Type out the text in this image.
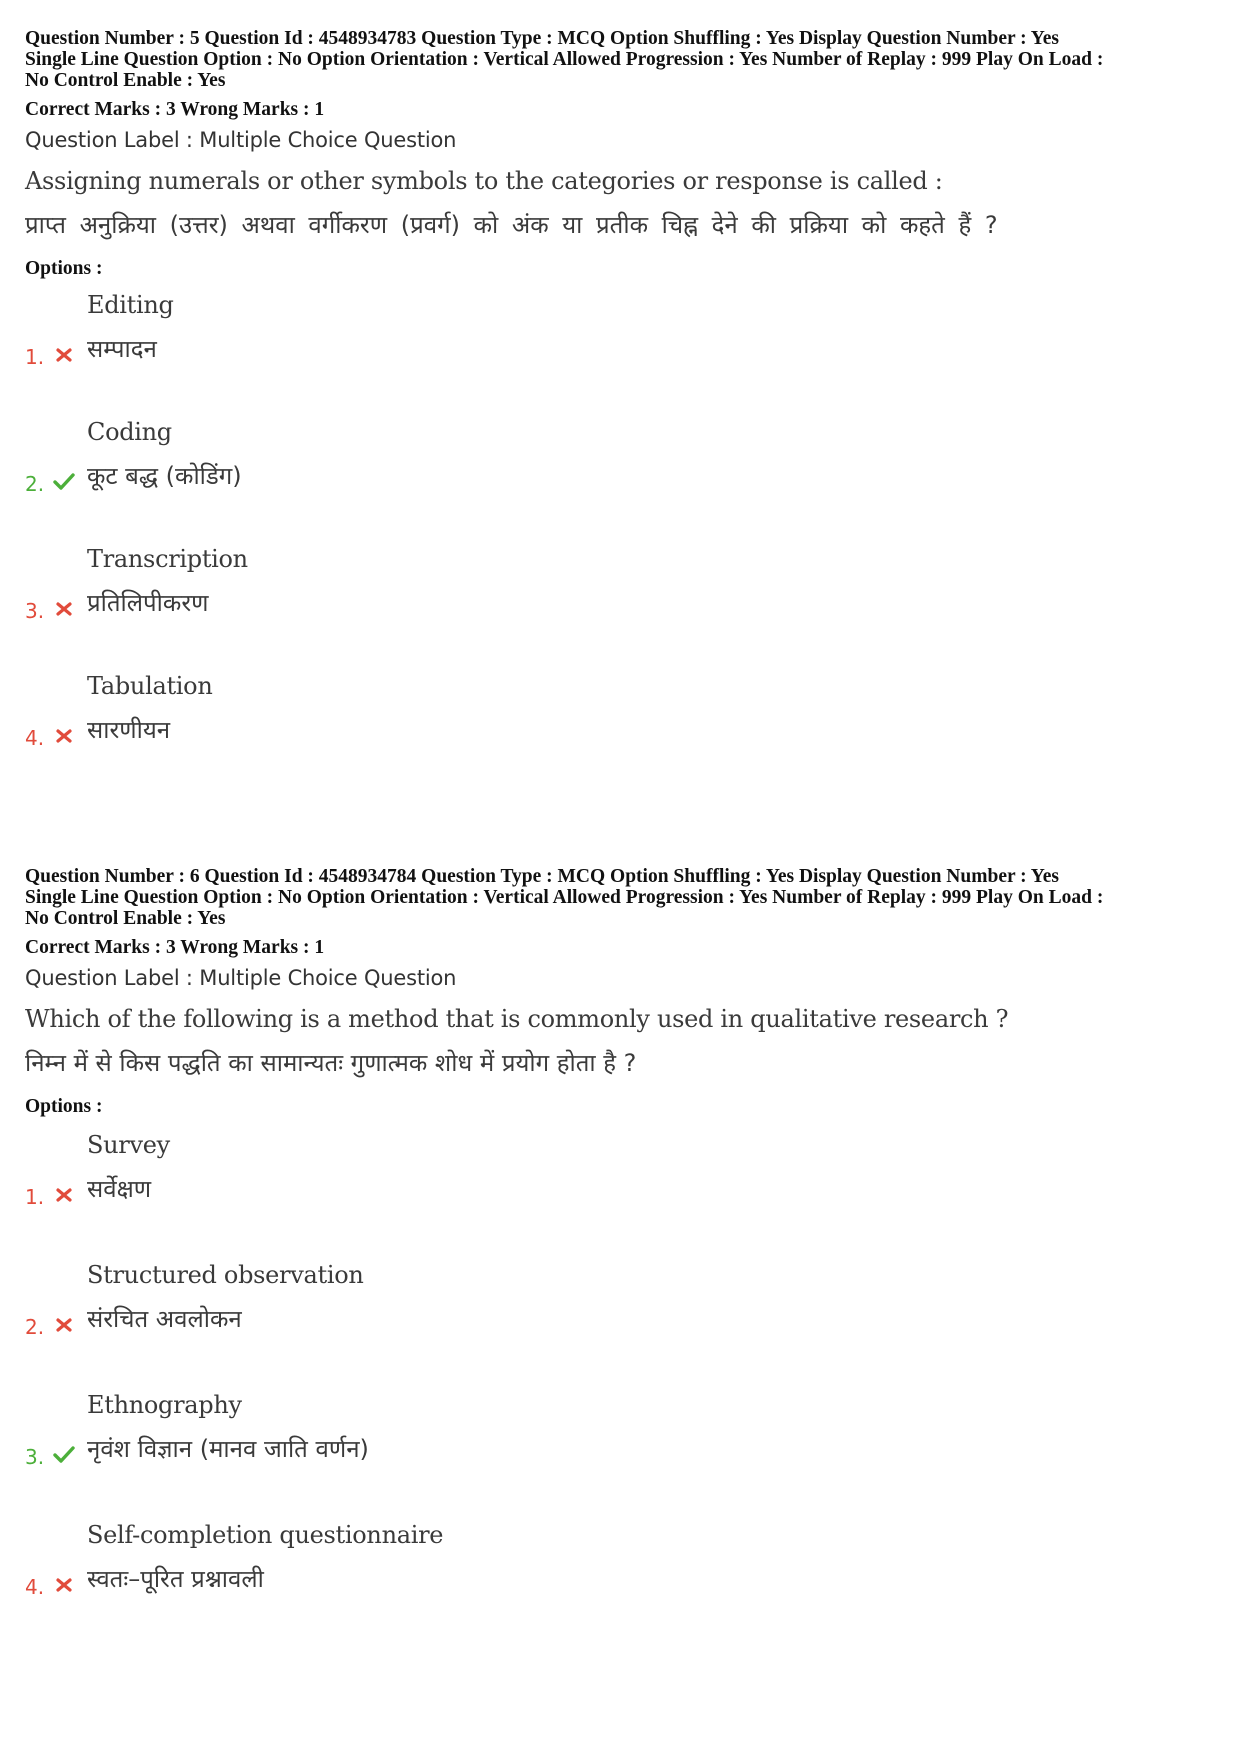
Question Number : 5 Question Id : 4548934783 Question Type : MCQ Option Shuffling : Yes Display Question Number : Yes
Single Line Question Option : No Option Orientation : Vertical Allowed Progression : Yes Number of Replay : 999 Play On Load :
No Control Enable : Yes
Correct Marks : 3 Wrong Marks : 1
Question Label : Multiple Choice Question
Assigning numerals or other symbols to the categories or response is called :
प्राप्त अनुक्रिया (उत्तर) अथवा वर्गीकरण (प्रवर्ग) को अंक या प्रतीक चिह्न देने की प्रक्रिया को कहते हैं ?
Options :
Editing
सम्पादन
1.
Coding
कूट बद्ध (कोडिंग)
2.
Transcription
प्रतिलिपीकरण
3.
Tabulation
सारणीयन
4.
Question Number : 6 Question Id : 4548934784 Question Type : MCQ Option Shuffling : Yes Display Question Number : Yes
Single Line Question Option : No Option Orientation : Vertical Allowed Progression : Yes Number of Replay : 999 Play On Load :
No Control Enable : Yes
Correct Marks : 3 Wrong Marks : 1
Question Label : Multiple Choice Question
Which of the following is a method that is commonly used in qualitative research ?
निम्न में से किस पद्धति का सामान्यतः गुणात्मक शोध में प्रयोग होता है ?
Options :
Survey
सर्वेक्षण
1.
Structured observation
संरचित अवलोकन
2.
Ethnography
नृवंश विज्ञान (मानव जाति वर्णन)
3.
Self-completion questionnaire
स्वतः–पूरित प्रश्नावली
4.
